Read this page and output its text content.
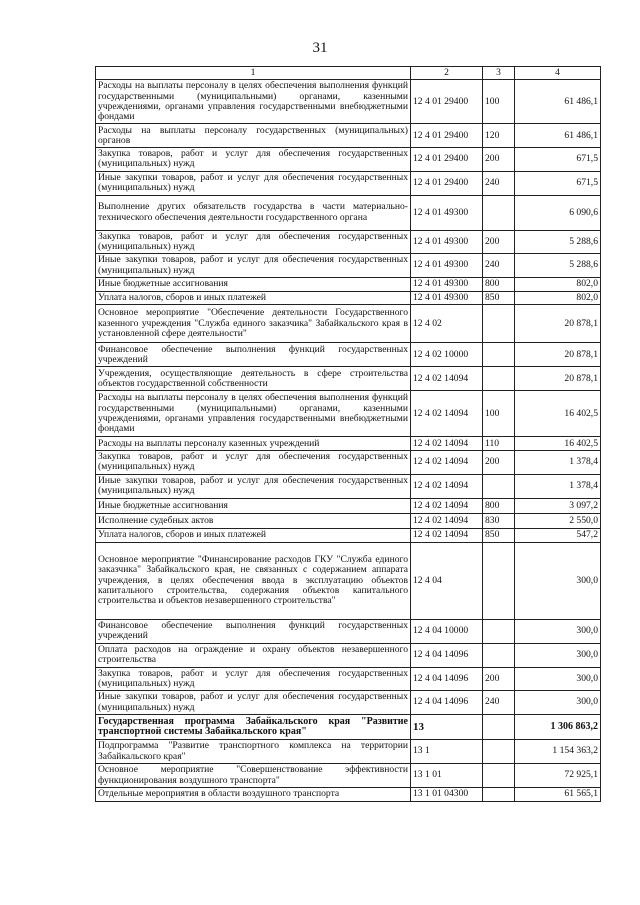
31
1	2	3	4
Расходы на выплаты персоналу в целях обеспечения выполнения функций государственными (муниципальными) органами, казенными учреждениями, органами управления государственными внебюджетными фондами	12 4 01 29400	100	61 486,1
Расходы на выплаты персоналу государственных (муниципальных) органов	12 4 01 29400	120	61 486,1
Закупка товаров, работ и услуг для обеспечения государственных (муниципальных) нужд	12 4 01 29400	200	671,5
Иные закупки товаров, работ и услуг для обеспечения государственных (муниципальных) нужд	12 4 01 29400	240	671,5
Выполнение других обязательств государства в части материально-технического обеспечения деятельности государственного органа	12 4 01 49300		6 090,6
Закупка товаров, работ и услуг для обеспечения государственных (муниципальных) нужд	12 4 01 49300	200	5 288,6
Иные закупки товаров, работ и услуг для обеспечения государственных (муниципальных) нужд	12 4 01 49300	240	5 288,6
Иные бюджетные ассигнования	12 4 01 49300	800	802,0
Уплата налогов, сборов и иных платежей	12 4 01 49300	850	802,0
Основное мероприятие "Обеспечение деятельности Государственного казенного учреждения "Служба единого заказчика" Забайкальского края в установленной сфере деятельности"	12 4 02		20 878,1
Финансовое обеспечение выполнения функций государственных учреждений	12 4 02 10000		20 878,1
Учреждения, осуществляющие деятельность в сфере строительства объектов государственной собственности	12 4 02 14094		20 878,1
Расходы на выплаты персоналу в целях обеспечения выполнения функций государственными (муниципальными) органами, казенными учреждениями, органами управления государственными внебюджетными фондами	12 4 02 14094	100	16 402,5
Расходы на выплаты персоналу казенных учреждений	12 4 02 14094	110	16 402,5
Закупка товаров, работ и услуг для обеспечения государственных (муниципальных) нужд	12 4 02 14094	200	1 378,4
Иные закупки товаров, работ и услуг для обеспечения государственных (муниципальных) нужд	12 4 02 14094		1 378,4
Иные бюджетные ассигнования	12 4 02 14094	800	3 097,2
Исполнение судебных актов	12 4 02 14094	830	2 550,0
Уплата налогов, сборов и иных платежей	12 4 02 14094	850	547,2
Основное мероприятие "Финансирование расходов ГКУ "Служба единого заказчика" Забайкальского края, не связанных с содержанием аппарата учреждения, в целях обеспечения ввода в эксплуатацию объектов капитального строительства, содержания объектов капитального строительства и объектов незавершенного строительства"	12 4 04		300,0
Финансовое обеспечение выполнения функций государственных учреждений	12 4 04 10000		300,0
Оплата расходов на ограждение и охрану объектов незавершенного строительства	12 4 04 14096		300,0
Закупка товаров, работ и услуг для обеспечения государственных (муниципальных) нужд	12 4 04 14096	200	300,0
Иные закупки товаров, работ и услуг для обеспечения государственных (муниципальных) нужд	12 4 04 14096	240	300,0
Государственная программа Забайкальского края "Развитие транспортной системы Забайкальского края"	13		1 306 863,2
Подпрограмма "Развитие транспортного комплекса на территории Забайкальского края"	13 1		1 154 363,2
Основное мероприятие "Совершенствование эффективности функционирования воздушного транспорта"	13 1 01		72 925,1
Отдельные мероприятия в области воздушного транспорта	13 1 01 04300		61 565,1
